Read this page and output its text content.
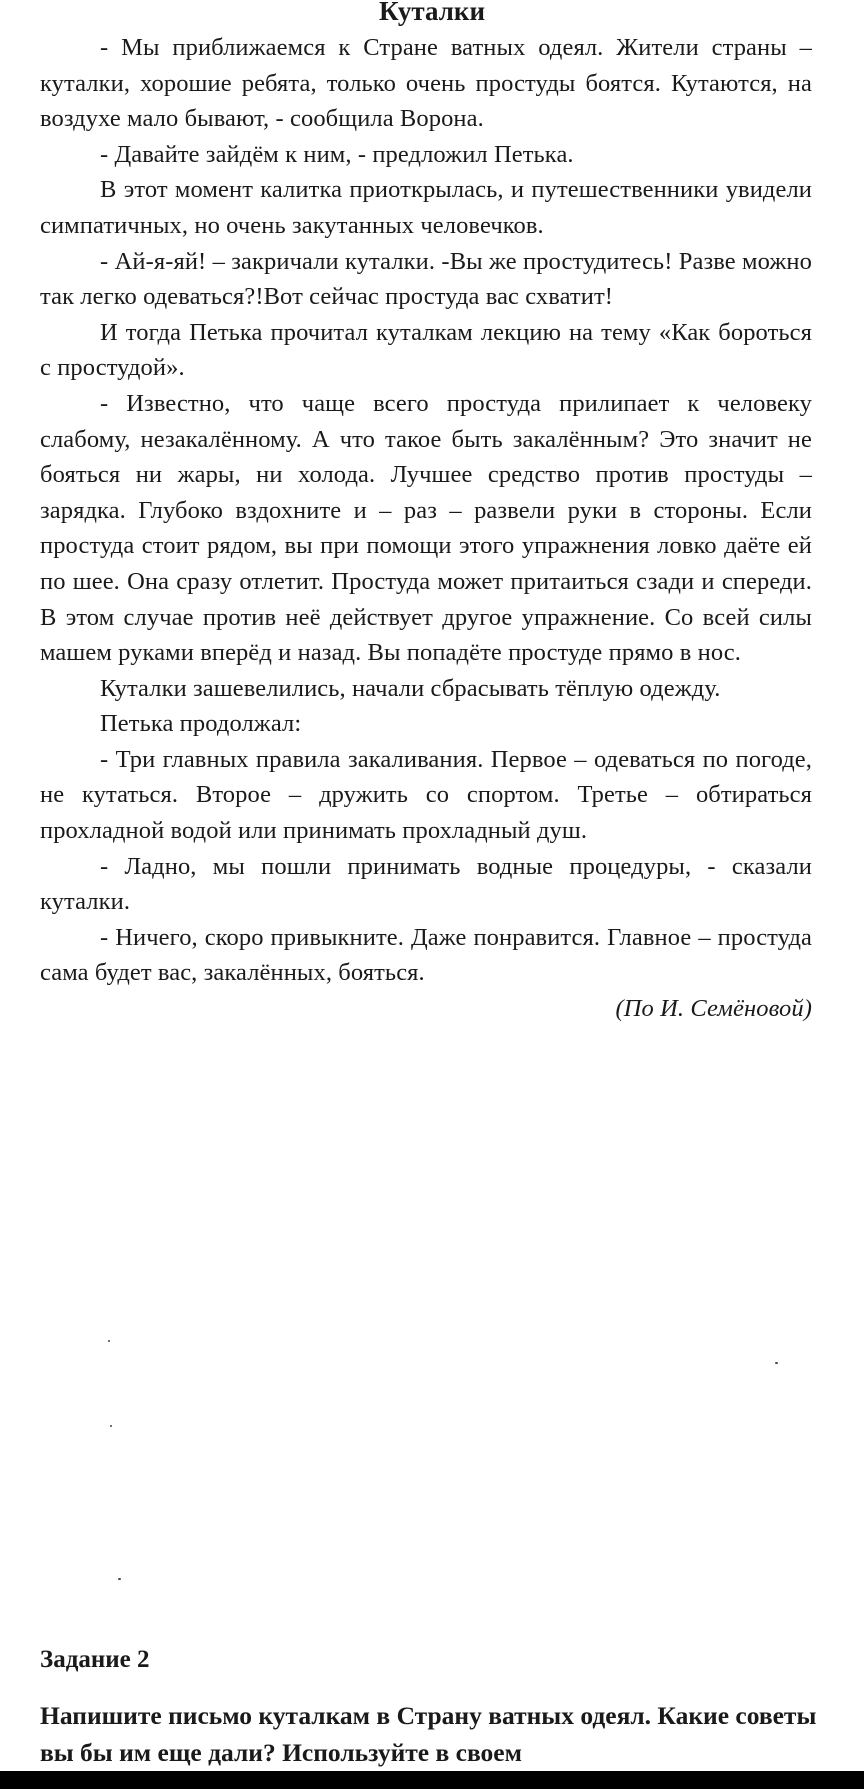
Куталки

- Мы приближаемся к Стране ватных одеял. Жители страны – куталки, хорошие ребята, только очень простуды боятся. Кутаются, на воздухе мало бывают, - сообщила Ворона.

- Давайте зайдём к ним, - предложил Петька.

В этот момент калитка приоткрылась, и путешественники увидели симпатичных, но очень закутанных человечков.

- Ай-я-яй! – закричали куталки. -Вы же простудитесь! Разве можно так легко одеваться?!Вот сейчас простуда вас схватит!

И тогда Петька прочитал куталкам лекцию на тему «Как бороться с простудой».

- Известно, что чаще всего простуда прилипает к человеку слабому, незакалённому. А что такое быть закалённым? Это значит не бояться ни жары, ни холода. Лучшее средство против простуды – зарядка. Глубоко вздохните и – раз – развели руки в стороны. Если простуда стоит рядом, вы при помощи этого упражнения ловко даёте ей по шее. Она сразу отлетит. Простуда может притаиться сзади и спереди. В этом случае против неё действует другое упражнение. Со всей силы машем руками вперёд и назад. Вы попадёте простуде прямо в нос.

Куталки зашевелились, начали сбрасывать тёплую одежду.

Петька продолжал:

- Три главных правила закаливания. Первое – одеваться по погоде, не кутаться. Второе – дружить со спортом. Третье – обтираться прохладной водой или принимать прохладный душ.

- Ладно, мы пошли принимать водные процедуры, - сказали куталки.

- Ничего, скоро привыкните. Даже понравится. Главное – простуда сама будет вас, закалённых, бояться.

(По И. Семёновой)

Задание 2

Напишите письмо куталкам в Страну ватных одеял. Какие советы вы бы им еще дали? Используйте в своем
